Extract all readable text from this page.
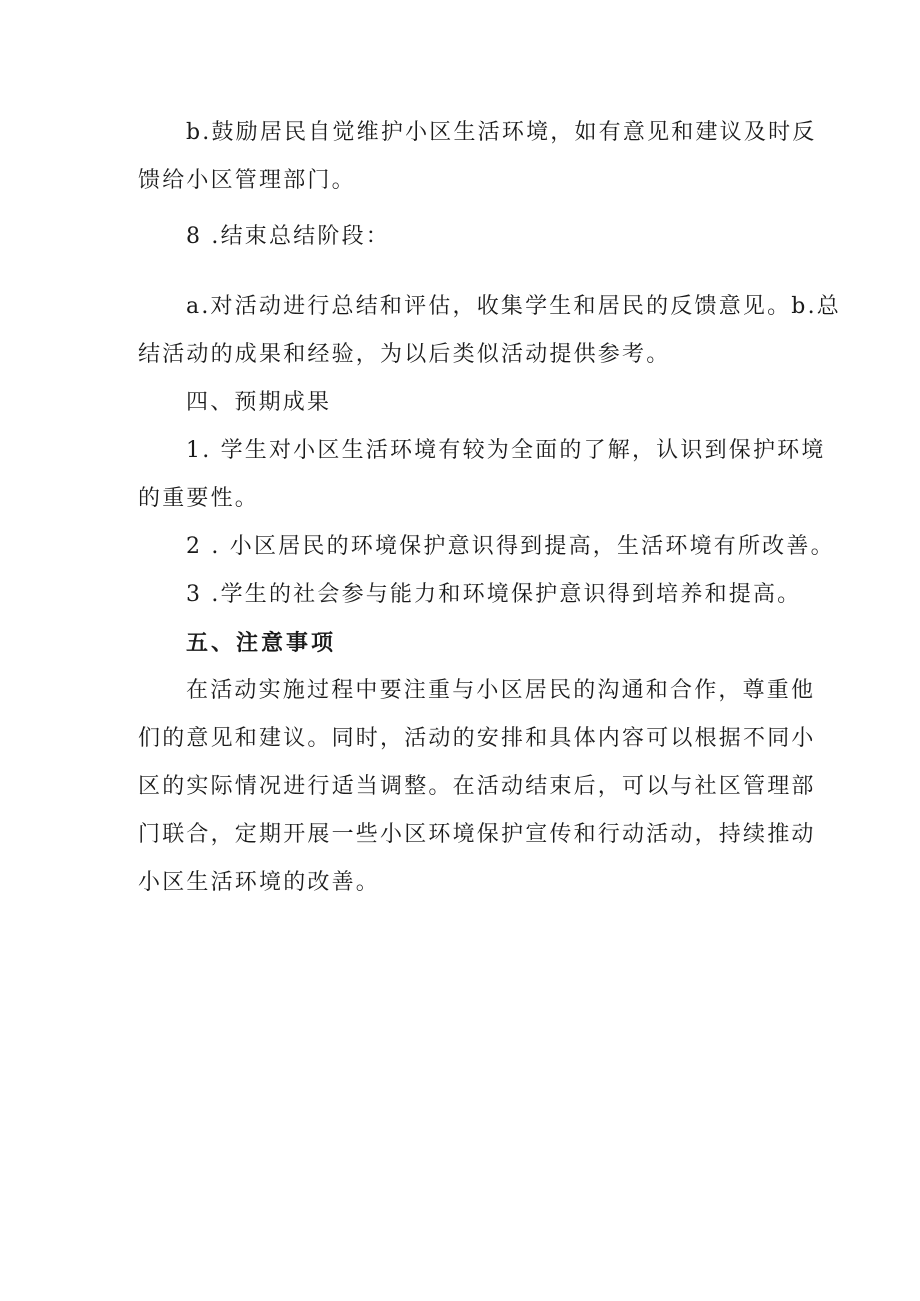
b.鼓励居民自觉维护小区生活环境，如有意见和建议及时反
馈给小区管理部门。
8 .结束总结阶段：
a.对活动进行总结和评估，收集学生和居民的反馈意见。b.总
结活动的成果和经验，为以后类似活动提供参考。
四、预期成果
1. 学生对小区生活环境有较为全面的了解，认识到保护环境
的重要性。
2 . 小区居民的环境保护意识得到提高，生活环境有所改善。
3 .学生的社会参与能力和环境保护意识得到培养和提高。
五、注意事项
在活动实施过程中要注重与小区居民的沟通和合作，尊重他
们的意见和建议。同时，活动的安排和具体内容可以根据不同小
区的实际情况进行适当调整。在活动结束后，可以与社区管理部
门联合，定期开展一些小区环境保护宣传和行动活动，持续推动
小区生活环境的改善。
